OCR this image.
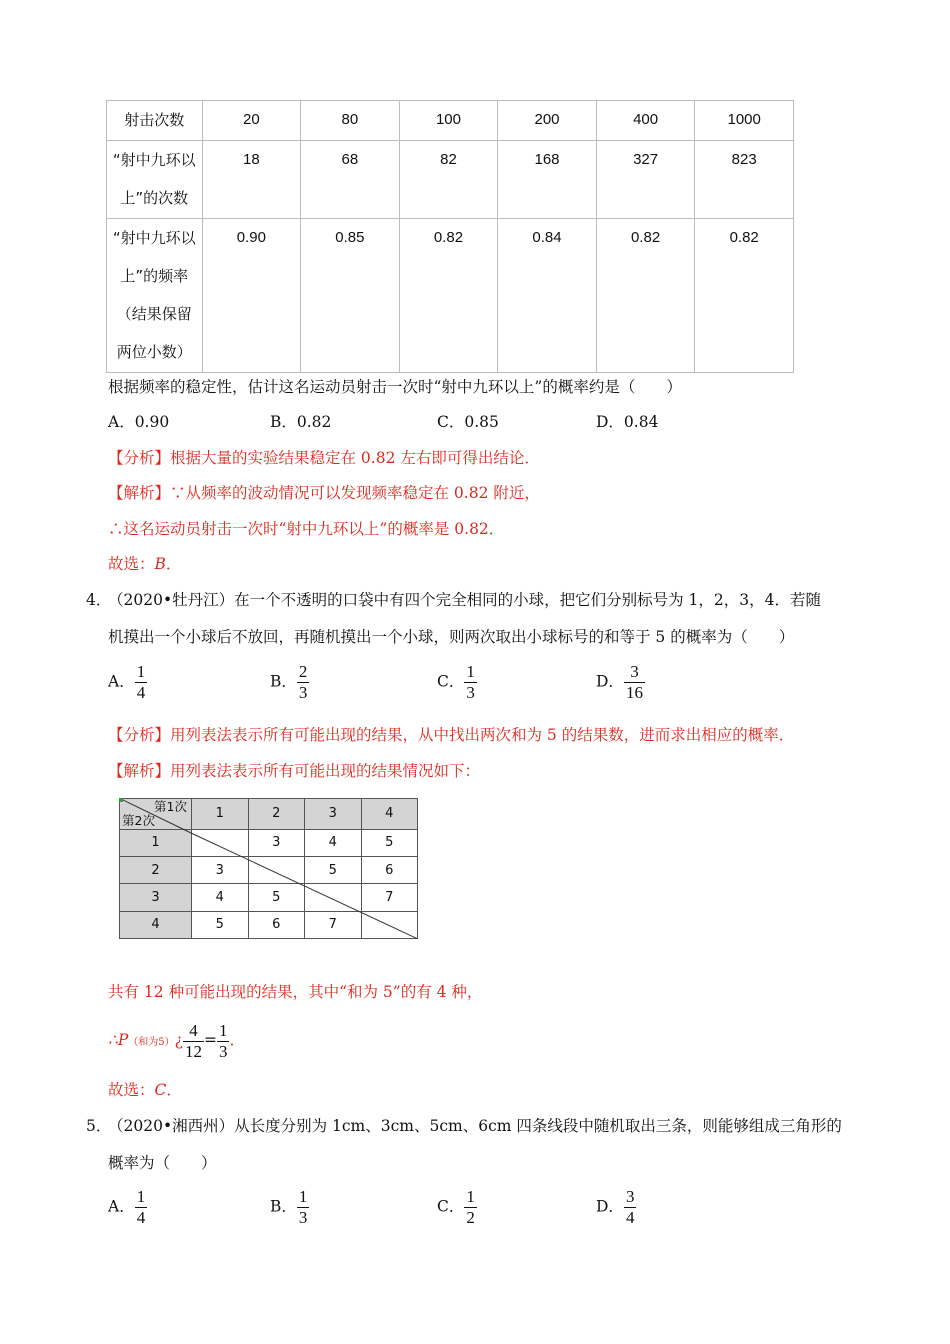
射击次数	20	80	100	200	400	1000

“射中九环以
上”的次数	18	68	82	168	327	823

“射中九环以
上”的频率
（结果保留
两位小数）	0.90	0.85	0.82	0.84	0.82	0.82
根据频率的稳定性，估计这名运动员射击一次时“射中九环以上”的概率约是（　　）
A．0.90	B．0.82	C．0.85	D．0.84
【分析】根据大量的实验结果稳定在 0.82 左右即可得出结论．
【解析】∵从频率的波动情况可以发现频率稳定在 0.82 附近，
∴这名运动员射击一次时“射中九环以上”的概率是 0.82．
故选：B．
4．
（2020•牡丹江）在一个不透明的口袋中有四个完全相同的小球，把它们分别标号为 1，2，3，4．若随
机摸出一个小球后不放回，再随机摸出一个小球，则两次取出小球标号的和等于 5 的概率为（　　）
A． $\frac{1}{4}$	B． $\frac{2}{3}$	C． $\frac{1}{3}$	D． $\frac{3}{16}$
【分析】用列表法表示所有可能出现的结果，从中找出两次和为 5 的结果数，进而求出相应的概率．
【解析】用列表法表示所有可能出现的结果情况如下：
第1次
第2次	1	2	3	4
1		3	4	5
2	3		5	6
3	4	5		7
4	5	6	7	
共有 12 种可能出现的结果，其中“和为 5”的有 4 种，
∴P（和为5）¿ $\frac{4}{12} = \frac{1}{3}$ ．
故选：C．
5．
（2020•湘西州）从长度分别为 1cm、3cm、5cm、6cm 四条线段中随机取出三条，则能够组成三角形的
概率为（　　）
A． $\frac{1}{4}$	B． $\frac{1}{3}$	C． $\frac{1}{2}$	D． $\frac{3}{4}$
